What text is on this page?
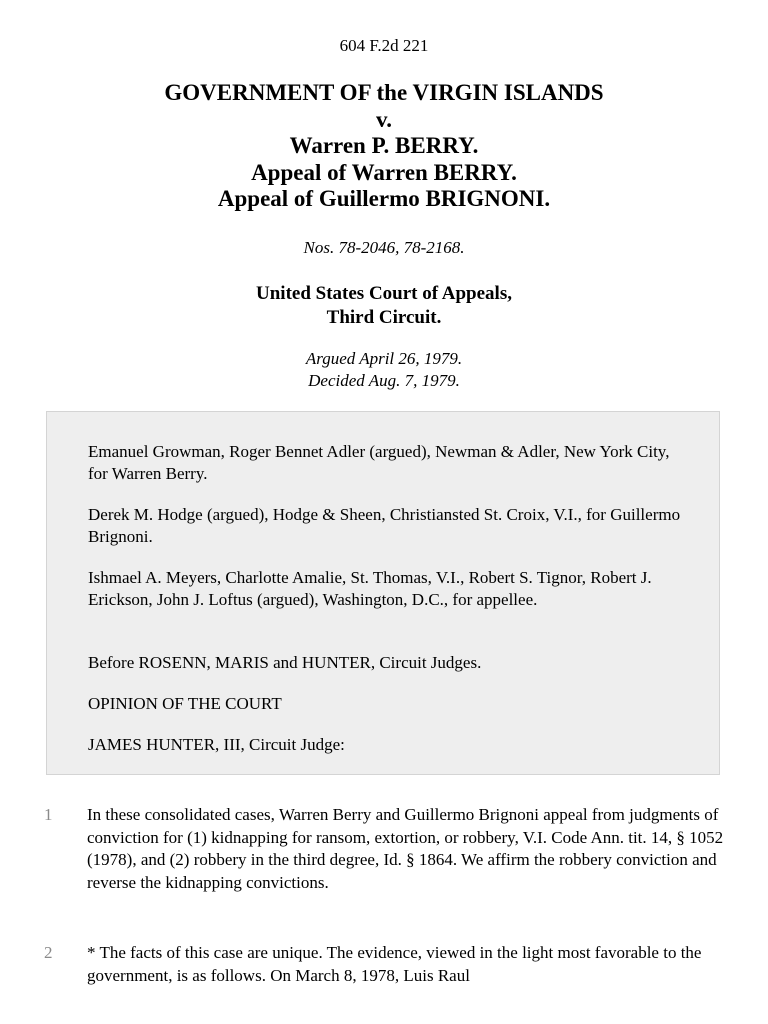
604 F.2d 221
GOVERNMENT OF the VIRGIN ISLANDS
v.
Warren P. BERRY.
Appeal of Warren BERRY.
Appeal of Guillermo BRIGNONI.
Nos. 78-2046, 78-2168.
United States Court of Appeals,
Third Circuit.
Argued April 26, 1979.
Decided Aug. 7, 1979.

Emanuel Growman, Roger Bennet Adler (argued), Newman & Adler, New York City, for Warren Berry.

Derek M. Hodge (argued), Hodge & Sheen, Christiansted St. Croix, V.I., for Guillermo Brignoni.

Ishmael A. Meyers, Charlotte Amalie, St. Thomas, V.I., Robert S. Tignor, Robert J. Erickson, John J. Loftus (argued), Washington, D.C., for appellee.

Before ROSENN, MARIS and HUNTER, Circuit Judges.

OPINION OF THE COURT

JAMES HUNTER, III, Circuit Judge:

1 In these consolidated cases, Warren Berry and Guillermo Brignoni appeal from judgments of conviction for (1) kidnapping for ransom, extortion, or robbery, V.I. Code Ann. tit. 14, § 1052 (1978), and (2) robbery in the third degree, Id. § 1864. We affirm the robbery conviction and reverse the kidnapping convictions.

2 * The facts of this case are unique. The evidence, viewed in the light most favorable to the government, is as follows. On March 8, 1978, Luis Raul
